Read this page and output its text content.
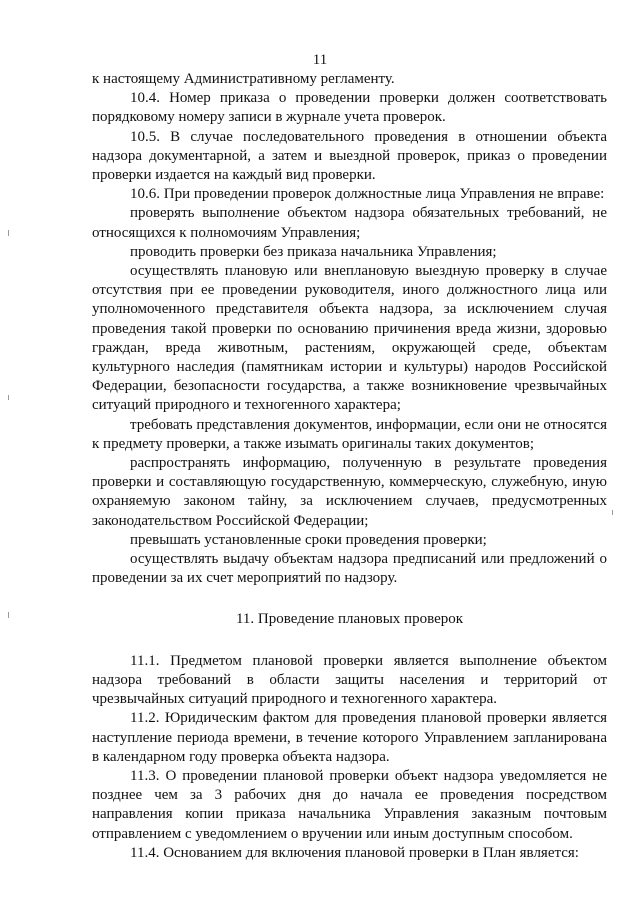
11

к настоящему Административному регламенту.

10.4. Номер приказа о проведении проверки должен соответствовать порядковому номеру записи в журнале учета проверок.

10.5. В случае последовательного проведения в отношении объекта надзора документарной, а затем и выездной проверок, приказ о проведении проверки издается на каждый вид проверки.

10.6. При проведении проверок должностные лица Управления не вправе:

проверять выполнение объектом надзора обязательных требований, не относящихся к полномочиям Управления;

проводить проверки без приказа начальника Управления;

осуществлять плановую или внеплановую выездную проверку в случае отсутствия при ее проведении руководителя, иного должностного лица или уполномоченного представителя объекта надзора, за исключением случая проведения такой проверки по основанию причинения вреда жизни, здоровью граждан, вреда животным, растениям, окружающей среде, объектам культурного наследия (памятникам истории и культуры) народов Российской Федерации, безопасности государства, а также возникновение чрезвычайных ситуаций природного и техногенного характера;

требовать представления документов, информации, если они не относятся к предмету проверки, а также изымать оригиналы таких документов;

распространять информацию, полученную в результате проведения проверки и составляющую государственную, коммерческую, служебную, иную охраняемую законом тайну, за исключением случаев, предусмотренных законодательством Российской Федерации;

превышать установленные сроки проведения проверки;

осуществлять выдачу объектам надзора предписаний или предложений о проведении за их счет мероприятий по надзору.

11. Проведение плановых проверок

11.1. Предметом плановой проверки является выполнение объектом надзора требований в области защиты населения и территорий от чрезвычайных ситуаций природного и техногенного характера.

11.2. Юридическим фактом для проведения плановой проверки является наступление периода времени, в течение которого Управлением запланирована в календарном году проверка объекта надзора.

11.3. О проведении плановой проверки объект надзора уведомляется не позднее чем за 3 рабочих дня до начала ее проведения посредством направления копии приказа начальника Управления заказным почтовым отправлением с уведомлением о вручении или иным доступным способом.

11.4. Основанием для включения плановой проверки в План является:
